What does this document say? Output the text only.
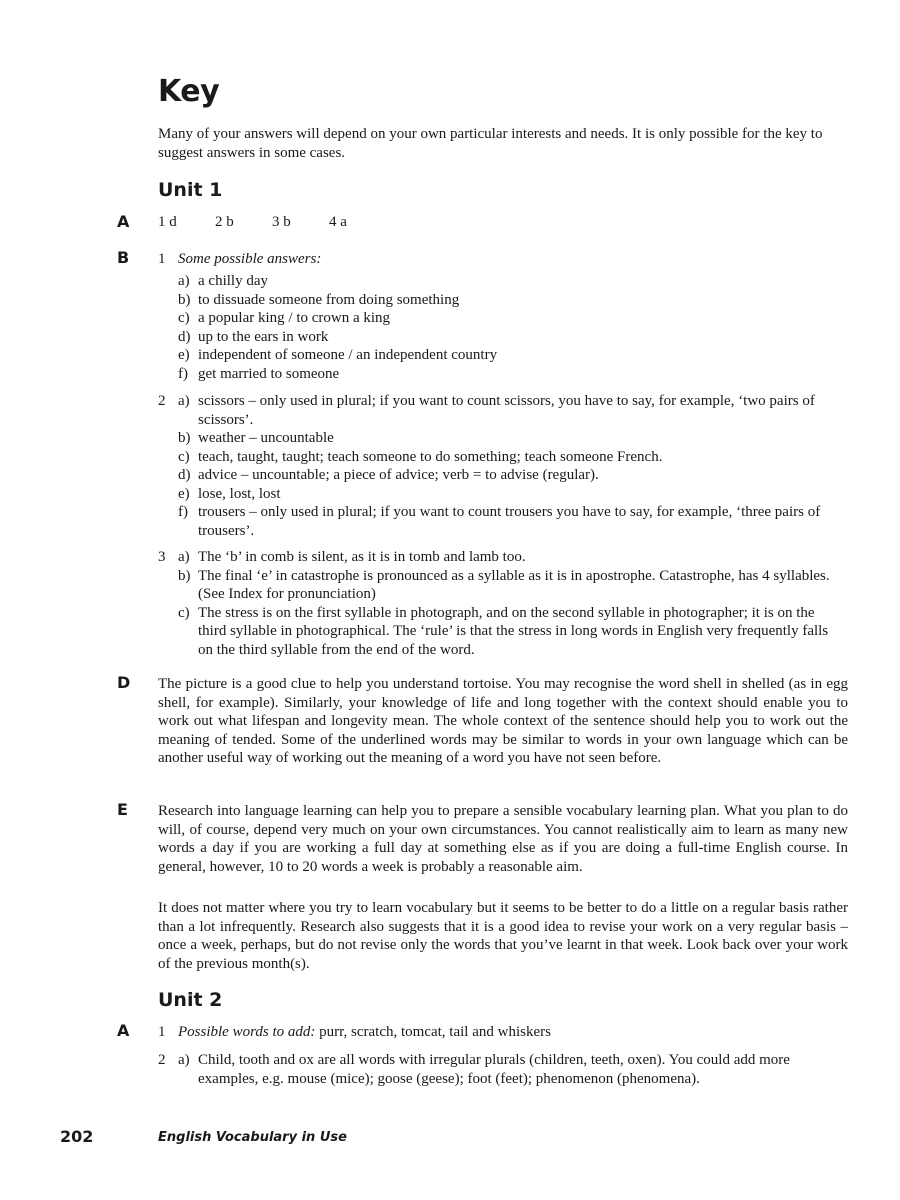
Key
Many of your answers will depend on your own particular interests and needs. It is only possible for the key to suggest answers in some cases.
Unit 1
A 1 d	2 b	3 b	4 a
B 1 Some possible answers:
a) a chilly day
b) to dissuade someone from doing something
c) a popular king / to crown a king
d) up to the ears in work
e) independent of someone / an independent country
f) get married to someone
2 a) scissors – only used in plural; if you want to count scissors, you have to say, for example, ‘two pairs of scissors’.
b) weather – uncountable
c) teach, taught, taught; teach someone to do something; teach someone French.
d) advice – uncountable; a piece of advice; verb = to advise (regular).
e) lose, lost, lost
f) trousers – only used in plural; if you want to count trousers you have to say, for example, ‘three pairs of trousers’.
3 a) The ‘b’ in comb is silent, as it is in tomb and lamb too.
b) The final ‘e’ in catastrophe is pronounced as a syllable as it is in apostrophe. Catastrophe, has 4 syllables. (See Index for pronunciation)
c) The stress is on the first syllable in photograph, and on the second syllable in photographer; it is on the third syllable in photographical. The ‘rule’ is that the stress in long words in English very frequently falls on the third syllable from the end of the word.
D The picture is a good clue to help you understand tortoise. You may recognise the word shell in shelled (as in egg shell, for example). Similarly, your knowledge of life and long together with the context should enable you to work out what lifespan and longevity mean. The whole context of the sentence should help you to work out the meaning of tended. Some of the underlined words may be similar to words in your own language which can be another useful way of working out the meaning of a word you have not seen before.
E Research into language learning can help you to prepare a sensible vocabulary learning plan. What you plan to do will, of course, depend very much on your own circumstances. You cannot realistically aim to learn as many new words a day if you are working a full day at something else as if you are doing a full-time English course. In general, however, 10 to 20 words a week is probably a reasonable aim.
It does not matter where you try to learn vocabulary but it seems to be better to do a little on a regular basis rather than a lot infrequently. Research also suggests that it is a good idea to revise your work on a very regular basis – once a week, perhaps, but do not revise only the words that you’ve learnt in that week. Look back over your work of the previous month(s).
Unit 2
A 1 Possible words to add: purr, scratch, tomcat, tail and whiskers
2 a) Child, tooth and ox are all words with irregular plurals (children, teeth, oxen). You could add more examples, e.g. mouse (mice); goose (geese); foot (feet); phenomenon (phenomena).
202	English Vocabulary in Use
